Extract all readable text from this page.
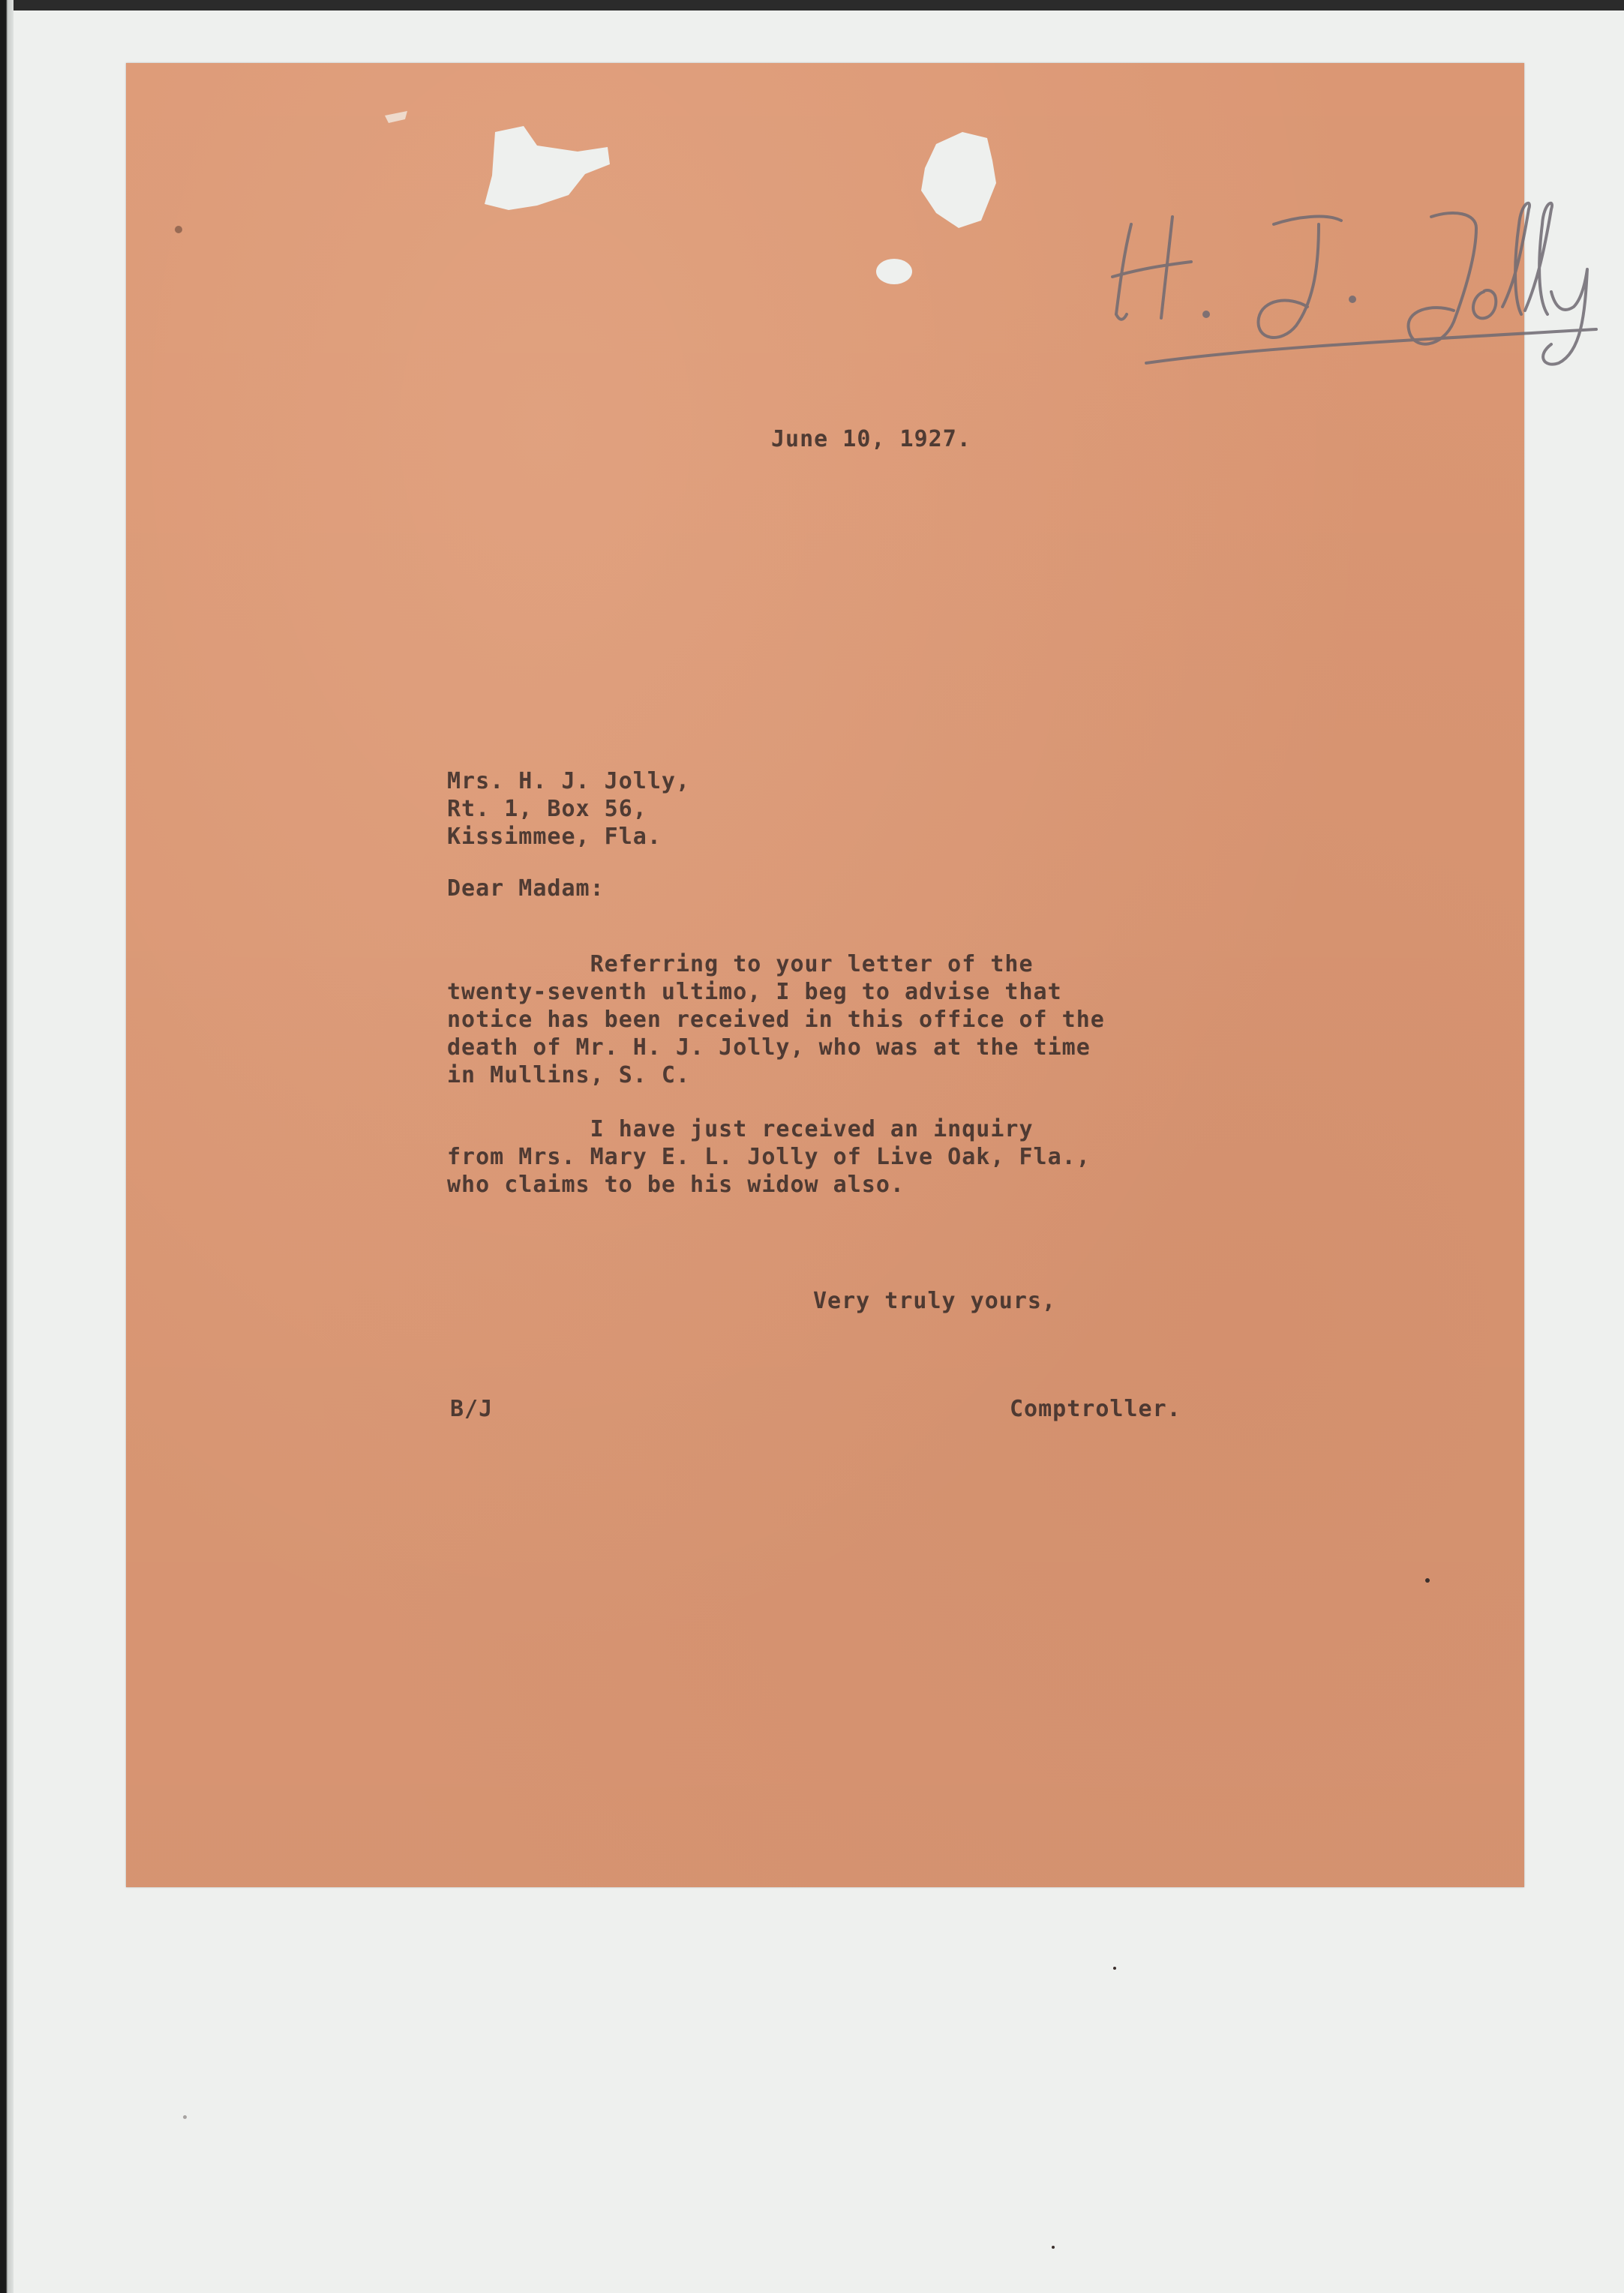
June 10, 1927.
Mrs. H. J. Jolly,
Rt. 1, Box 56,
Kissimmee, Fla.
Dear Madam:
Referring to your letter of the
twenty-seventh ultimo, I beg to advise that
notice has been received in this office of the
death of Mr. H. J. Jolly, who was at the time
in Mullins, S. C.
I have just received an inquiry
from Mrs. Mary E. L. Jolly of Live Oak, Fla.,
who claims to be his widow also.
Very truly yours,
B/J	Comptroller.
